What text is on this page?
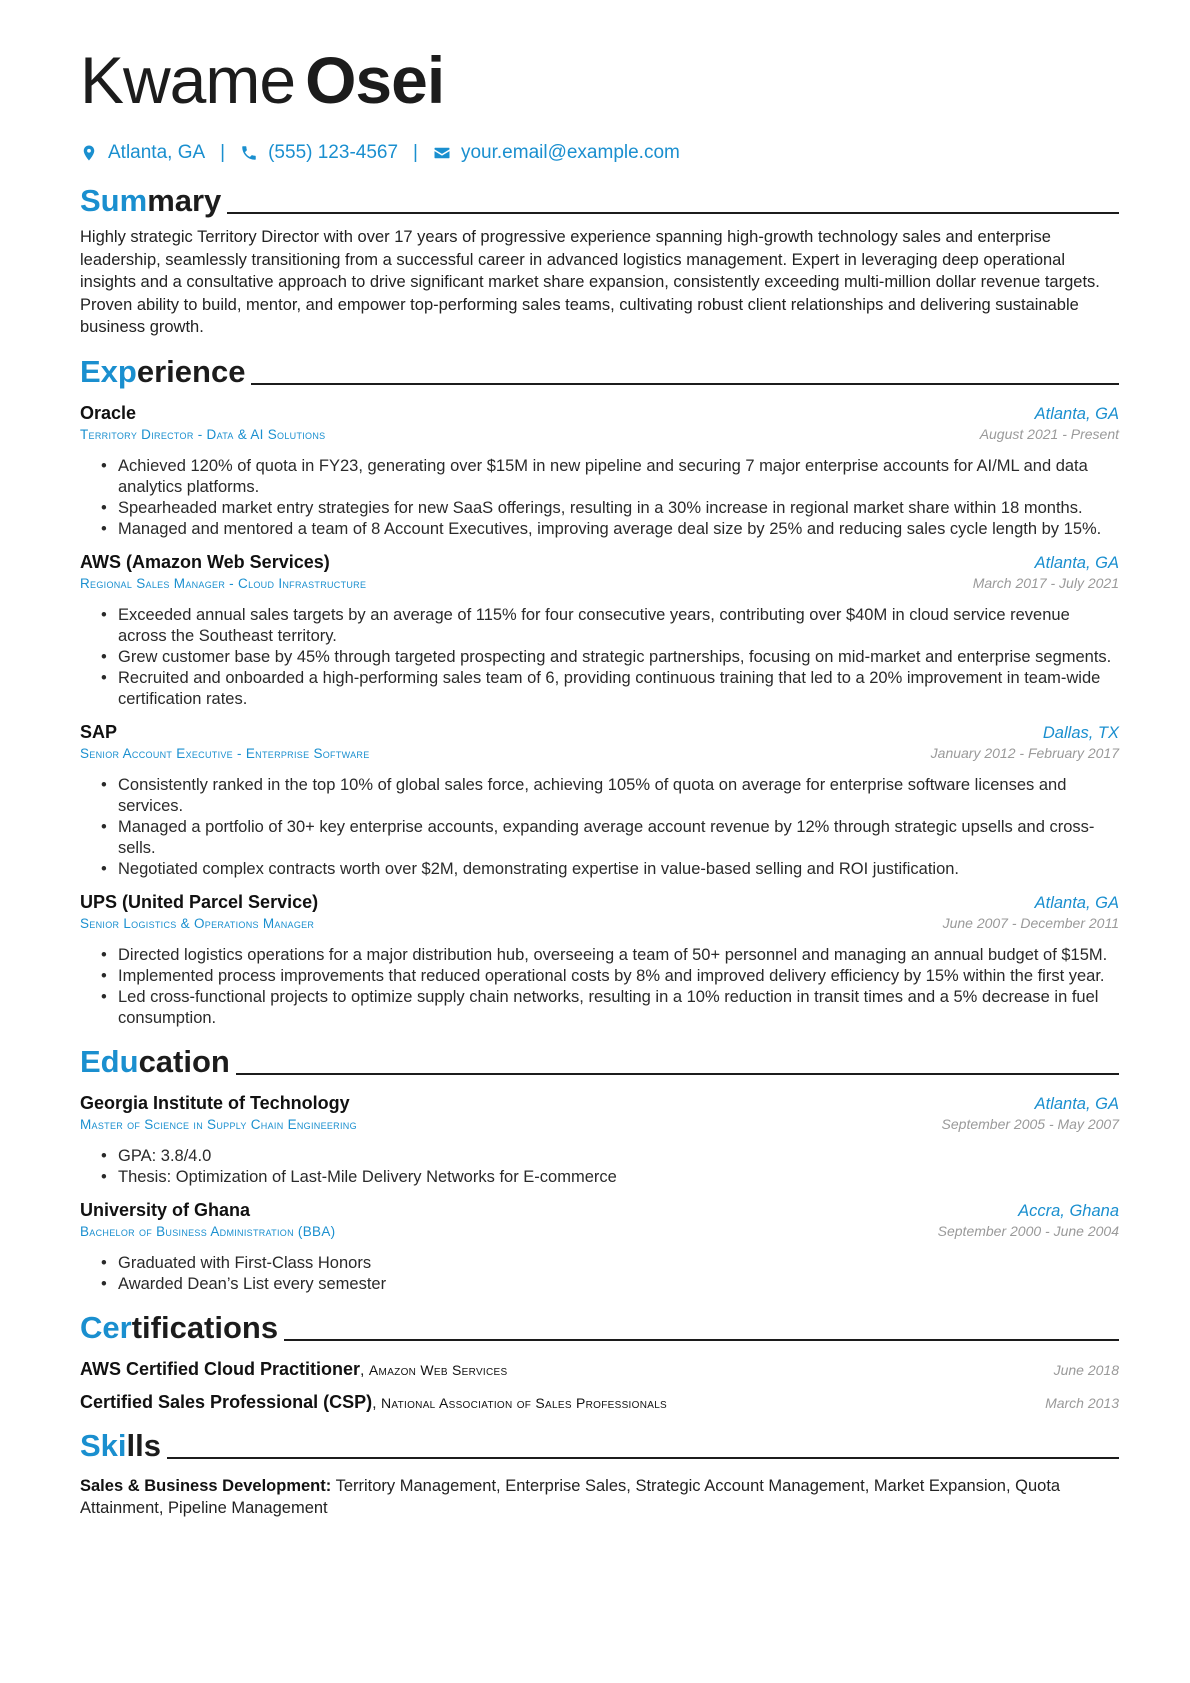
Kwame Osei
Atlanta, GA | (555) 123-4567 | your.email@example.com
Summary
Highly strategic Territory Director with over 17 years of progressive experience spanning high-growth technology sales and enterprise leadership, seamlessly transitioning from a successful career in advanced logistics management. Expert in leveraging deep operational insights and a consultative approach to drive significant market share expansion, consistently exceeding multi-million dollar revenue targets. Proven ability to build, mentor, and empower top-performing sales teams, cultivating robust client relationships and delivering sustainable business growth.
Experience
Oracle	Atlanta, GA
Territory Director - Data & AI Solutions	August 2021 - Present
• Achieved 120% of quota in FY23, generating over $15M in new pipeline and securing 7 major enterprise accounts for AI/ML and data analytics platforms.
• Spearheaded market entry strategies for new SaaS offerings, resulting in a 30% increase in regional market share within 18 months.
• Managed and mentored a team of 8 Account Executives, improving average deal size by 25% and reducing sales cycle length by 15%.
AWS (Amazon Web Services)	Atlanta, GA
Regional Sales Manager - Cloud Infrastructure	March 2017 - July 2021
• Exceeded annual sales targets by an average of 115% for four consecutive years, contributing over $40M in cloud service revenue across the Southeast territory.
• Grew customer base by 45% through targeted prospecting and strategic partnerships, focusing on mid-market and enterprise segments.
• Recruited and onboarded a high-performing sales team of 6, providing continuous training that led to a 20% improvement in team-wide certification rates.
SAP	Dallas, TX
Senior Account Executive - Enterprise Software	January 2012 - February 2017
• Consistently ranked in the top 10% of global sales force, achieving 105% of quota on average for enterprise software licenses and services.
• Managed a portfolio of 30+ key enterprise accounts, expanding average account revenue by 12% through strategic upsells and cross-sells.
• Negotiated complex contracts worth over $2M, demonstrating expertise in value-based selling and ROI justification.
UPS (United Parcel Service)	Atlanta, GA
Senior Logistics & Operations Manager	June 2007 - December 2011
• Directed logistics operations for a major distribution hub, overseeing a team of 50+ personnel and managing an annual budget of $15M.
• Implemented process improvements that reduced operational costs by 8% and improved delivery efficiency by 15% within the first year.
• Led cross-functional projects to optimize supply chain networks, resulting in a 10% reduction in transit times and a 5% decrease in fuel consumption.
Education
Georgia Institute of Technology	Atlanta, GA
Master of Science in Supply Chain Engineering	September 2005 - May 2007
• GPA: 3.8/4.0
• Thesis: Optimization of Last-Mile Delivery Networks for E-commerce
University of Ghana	Accra, Ghana
Bachelor of Business Administration (BBA)	September 2000 - June 2004
• Graduated with First-Class Honors
• Awarded Dean’s List every semester
Certifications
AWS Certified Cloud Practitioner, Amazon Web Services	June 2018
Certified Sales Professional (CSP), National Association of Sales Professionals	March 2013
Skills
Sales & Business Development: Territory Management, Enterprise Sales, Strategic Account Management, Market Expansion, Quota Attainment, Pipeline Management
